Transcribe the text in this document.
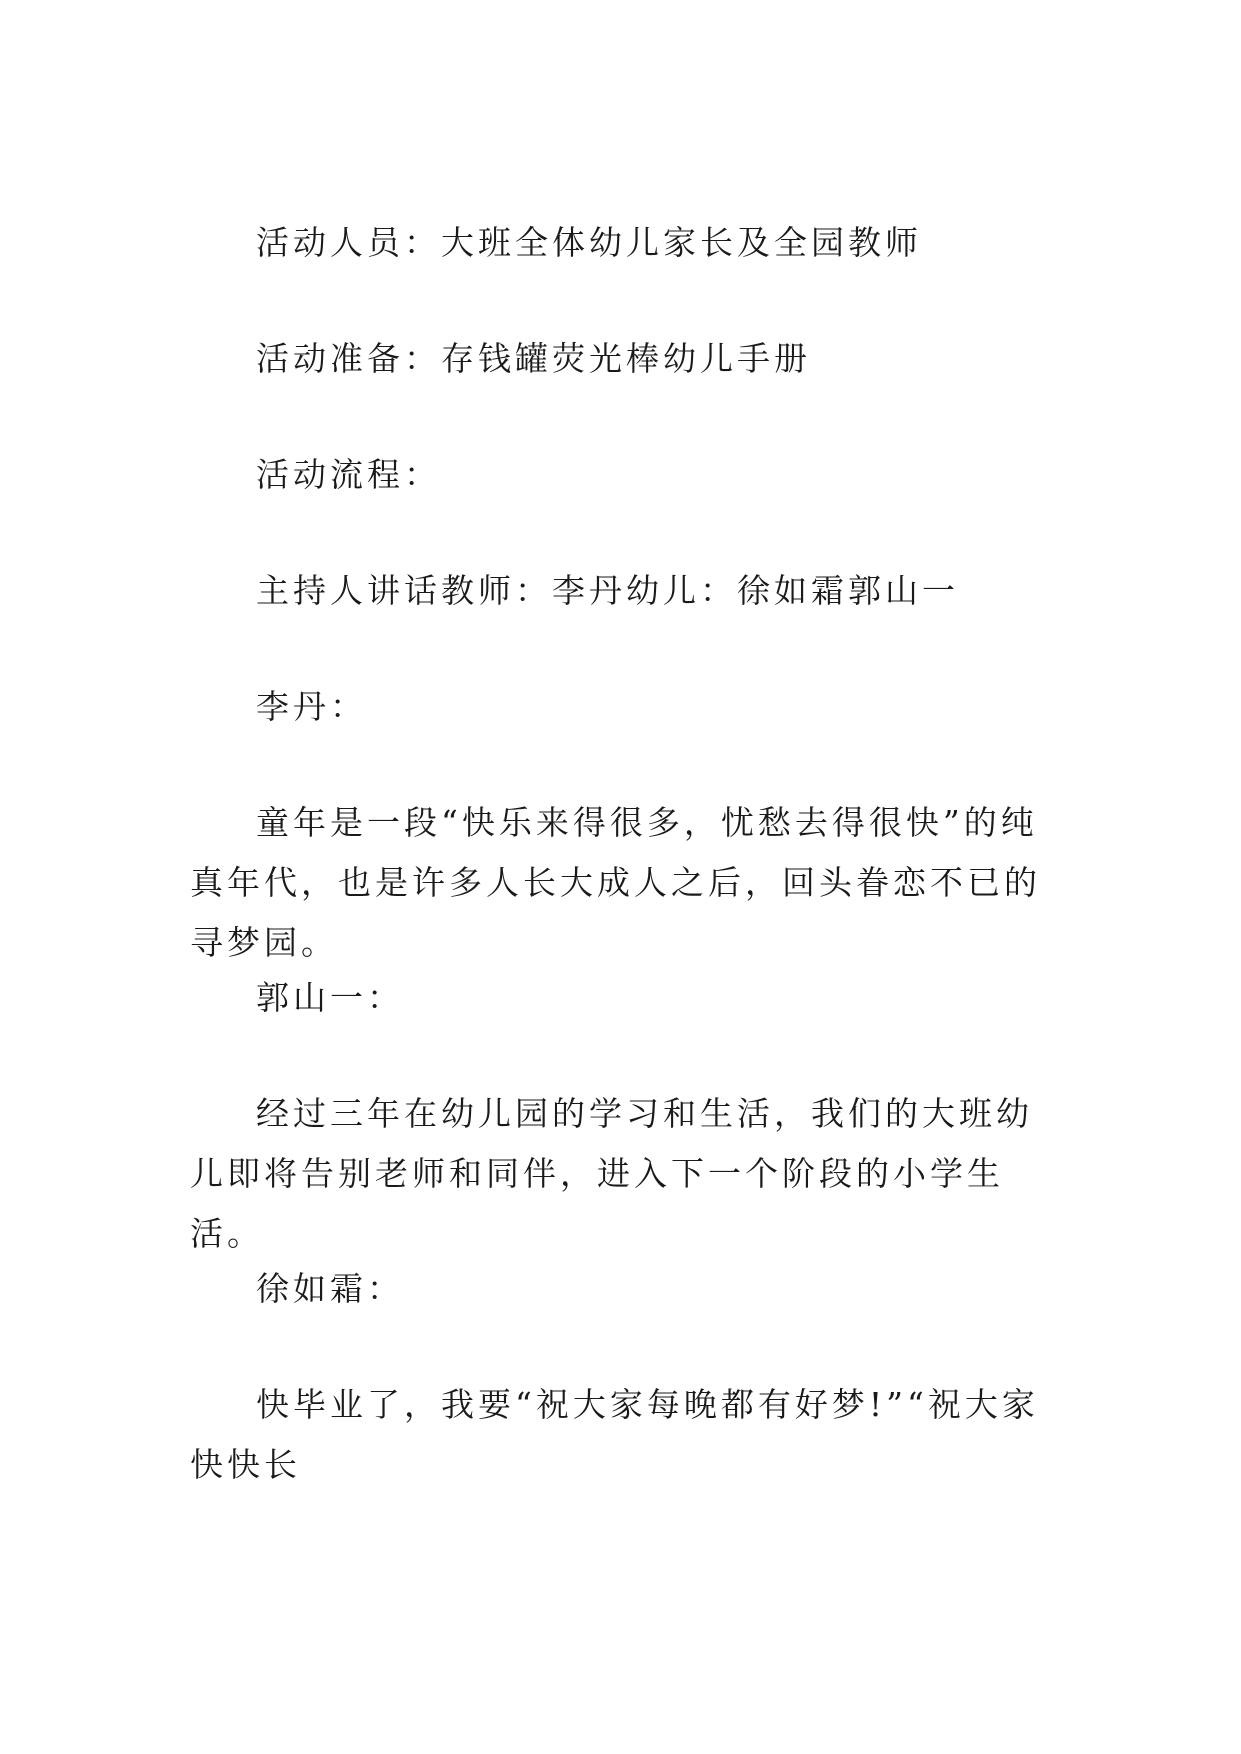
活动人员：大班全体幼儿家长及全园教师

活动准备：存钱罐荧光棒幼儿手册

活动流程：

主持人讲话教师：李丹幼儿：徐如霜郭山一

李丹：

童年是一段“快乐来得很多，忧愁去得很快”的纯真年代，也是许多人长大成人之后，回头眷恋不已的寻梦园。

郭山一：

经过三年在幼儿园的学习和生活，我们的大班幼儿即将告别老师和同伴，进入下一个阶段的小学生活。

徐如霜：

快毕业了，我要“祝大家每晚都有好梦!”“祝大家快快长
